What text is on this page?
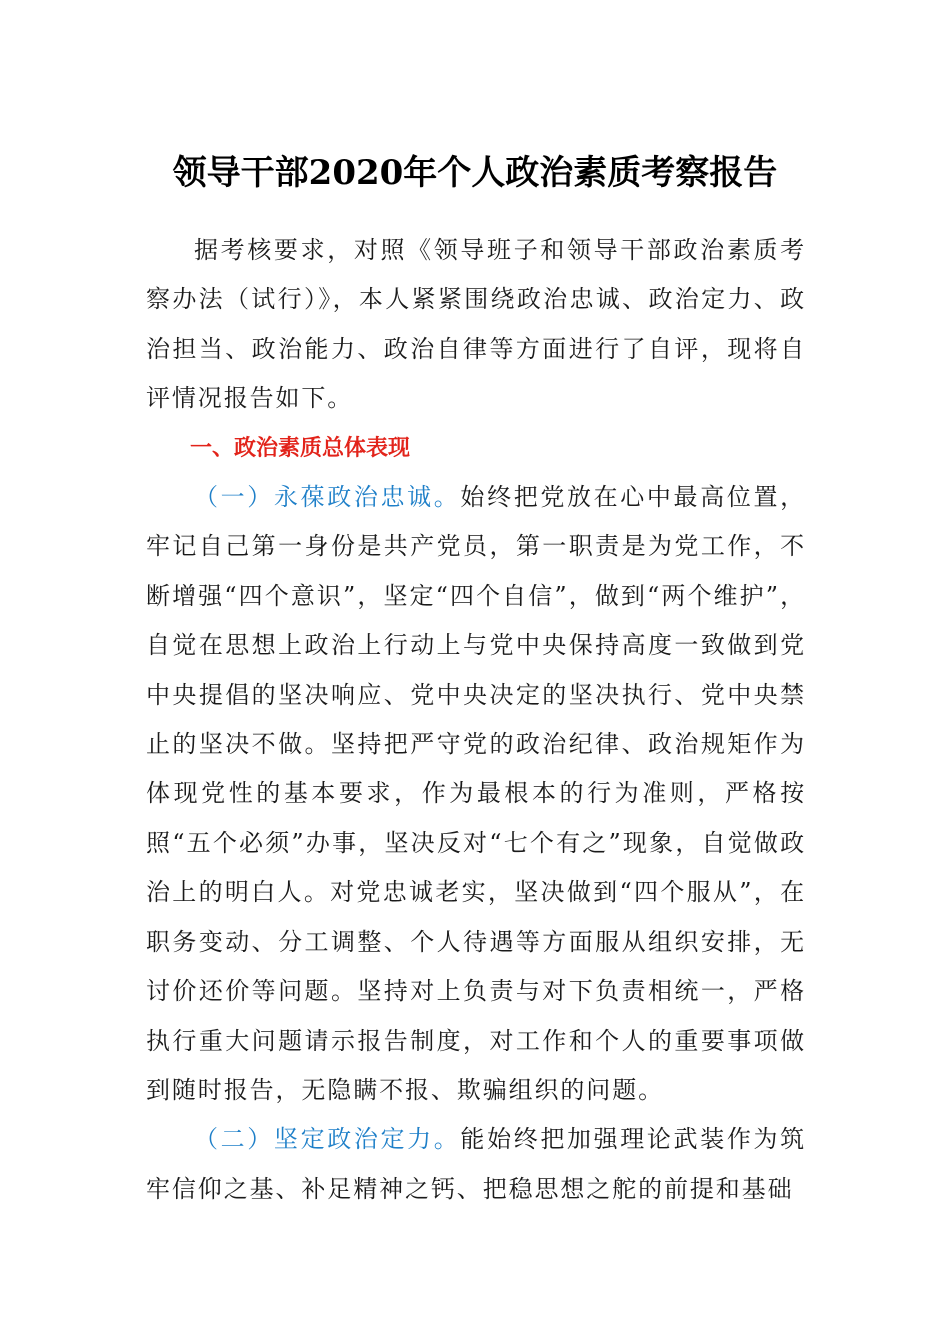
领导干部2020年个人政治素质考察报告

据考核要求，对照《领导班子和领导干部政治素质考察办法（试行）》，本人紧紧围绕政治忠诚、政治定力、政治担当、政治能力、政治自律等方面进行了自评，现将自评情况报告如下。

一、政治素质总体表现

（一）永葆政治忠诚。始终把党放在心中最高位置，牢记自己第一身份是共产党员，第一职责是为党工作，不断增强“四个意识”，坚定“四个自信”，做到“两个维护”，自觉在思想上政治上行动上与党中央保持高度一致做到党中央提倡的坚决响应、党中央决定的坚决执行、党中央禁止的坚决不做。坚持把严守党的政治纪律、政治规矩作为体现党性的基本要求，作为最根本的行为准则，严格按照“五个必须”办事，坚决反对“七个有之”现象，自觉做政治上的明白人。对党忠诚老实，坚决做到“四个服从”，在职务变动、分工调整、个人待遇等方面服从组织安排，无讨价还价等问题。坚持对上负责与对下负责相统一，严格执行重大问题请示报告制度，对工作和个人的重要事项做到随时报告，无隐瞒不报、欺骗组织的问题。

（二）坚定政治定力。能始终把加强理论武装作为筑牢信仰之基、补足精神之钙、把稳思想之舵的前提和基础
